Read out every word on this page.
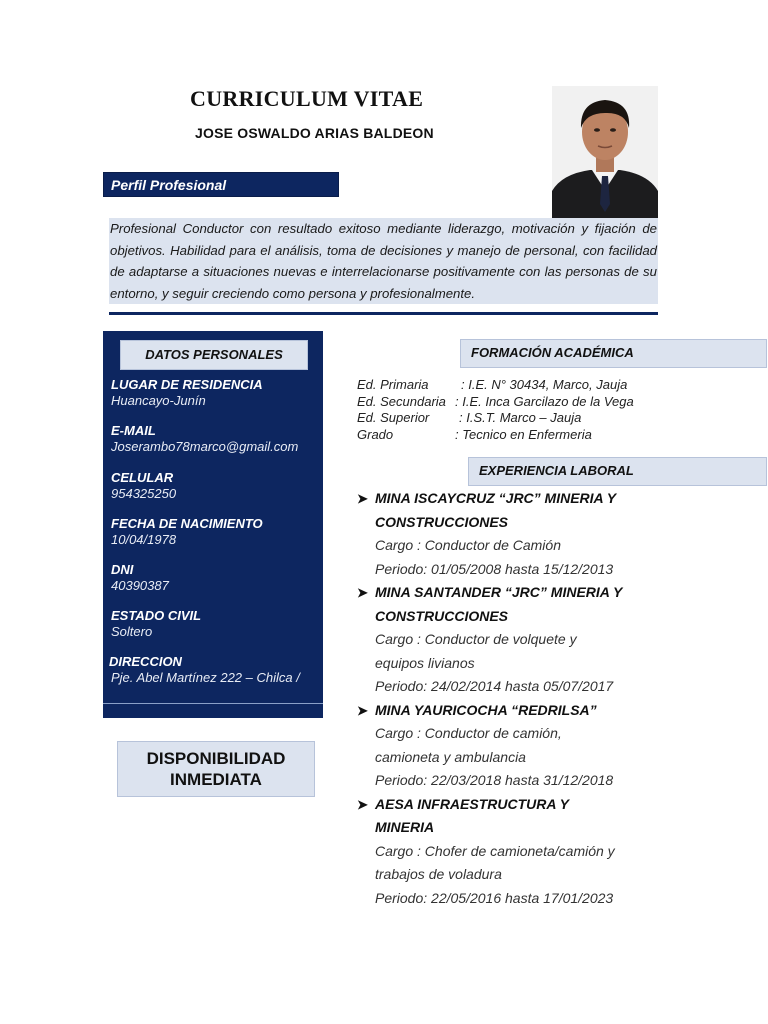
CURRICULUM VITAE
JOSE OSWALDO ARIAS BALDEON
Perfil Profesional
Profesional Conductor con resultado exitoso mediante liderazgo, motivación y fijación de objetivos. Habilidad para el análisis, toma de decisiones y manejo de personal, con facilidad de adaptarse a situaciones nuevas e interrelacionarse positivamente con las personas de su entorno, y seguir creciendo como persona y profesionalmente.
DATOS PERSONALES
LUGAR DE RESIDENCIA
Huancayo-Junín
E-MAIL
Joserambo78marco@gmail.com
CELULAR
954325250
FECHA DE NACIMIENTO
10/04/1978
DNI
40390387
ESTADO CIVIL
Soltero
DIRECCION
Pje. Abel Martínez 222 – Chilca /
DISPONIBILIDAD
INMEDIATA
FORMACIÓN ACADÉMICA
Ed. Primaria : I.E. N° 30434, Marco, Jauja
Ed. Secundaria : I.E. Inca Garcilazo de la Vega
Ed. Superior : I.S.T. Marco – Jauja
Grado	: Tecnico en Enfermeria
EXPERIENCIA LABORAL
➤ MINA ISCAYCRUZ “JRC” MINERIA Y
CONSTRUCCIONES
Cargo : Conductor de Camión
Periodo: 01/05/2008 hasta 15/12/2013
➤ MINA SANTANDER “JRC” MINERIA Y
CONSTRUCCIONES
Cargo : Conductor de volquete y
equipos livianos
Periodo: 24/02/2014 hasta 05/07/2017
➤ MINA YAURICOCHA “REDRILSA”
Cargo : Conductor de camión,
camioneta y ambulancia
Periodo: 22/03/2018 hasta 31/12/2018
➤ AESA INFRAESTRUCTURA Y
MINERIA
Cargo : Chofer de camioneta/camión y
trabajos de voladura
Periodo: 22/05/2016 hasta 17/01/2023
